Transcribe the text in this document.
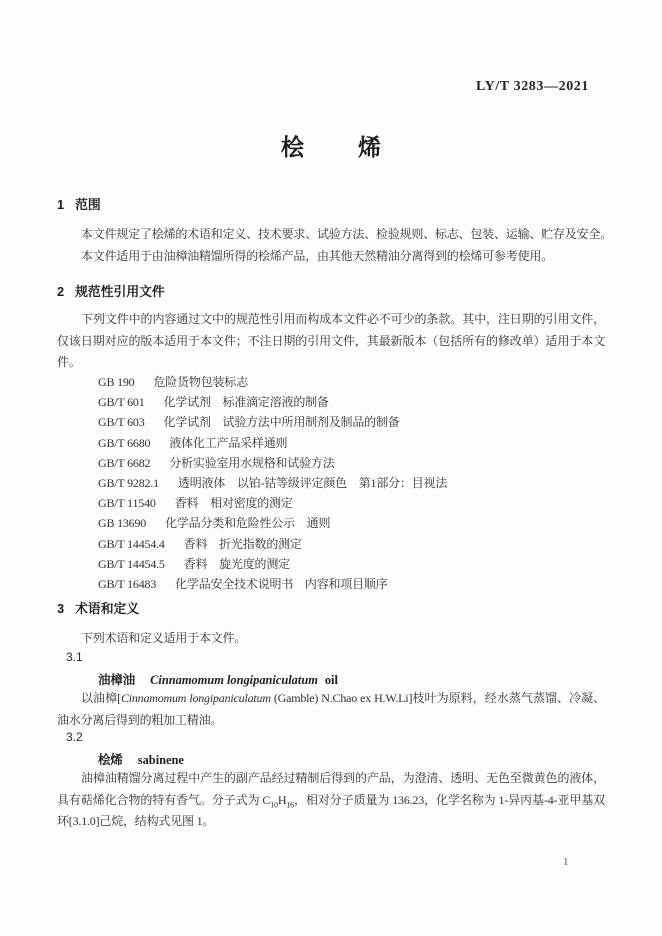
LY/T 3283—2021
桧烯
1 范围
本文件规定了桧烯的术语和定义、技术要求、试验方法、检验规则、标志、包装、运输、贮存及安全。
本文件适用于由油樟油精馏所得的桧烯产品，由其他天然精油分离得到的桧烯可参考使用。
2 规范性引用文件
下列文件中的内容通过文中的规范性引用而构成本文件必不可少的条款。其中，注日期的引用文件，仅该日期对应的版本适用于本文件；不注日期的引用文件，其最新版本（包括所有的修改单）适用于本文件。
GB 190 危险货物包装标志
GB/T 601 化学试剂　标准滴定溶液的制备
GB/T 603 化学试剂　试验方法中所用制剂及制品的制备
GB/T 6680 液体化工产品采样通则
GB/T 6682 分析实验室用水规格和试验方法
GB/T 9282.1 透明液体　以铂-钴等级评定颜色　第1部分：目视法
GB/T 11540 香料　相对密度的测定
GB 13690 化学品分类和危险性公示　通则
GB/T 14454.4 香料　折光指数的测定
GB/T 14454.5 香料　旋光度的测定
GB/T 16483 化学品安全技术说明书　内容和项目顺序
3 术语和定义
下列术语和定义适用于本文件。
3.1
油樟油 Cinnamomum longipaniculatum oil
以油樟[Cinnamomum longipaniculatum (Gamble) N.Chao ex H.W.Li]枝叶为原料，经水蒸气蒸馏、冷凝、油水分离后得到的粗加工精油。
3.2
桧烯 sabinene
油樟油精馏分离过程中产生的副产品经过精制后得到的产品，为澄清、透明、无色至微黄色的液体，具有萜烯化合物的特有香气。分子式为 $C_{10}H_{16}$，相对分子质量为 136.23，化学名称为 1-异丙基-4-亚甲基双环[3.1.0]己烷，结构式见图 1。
1
